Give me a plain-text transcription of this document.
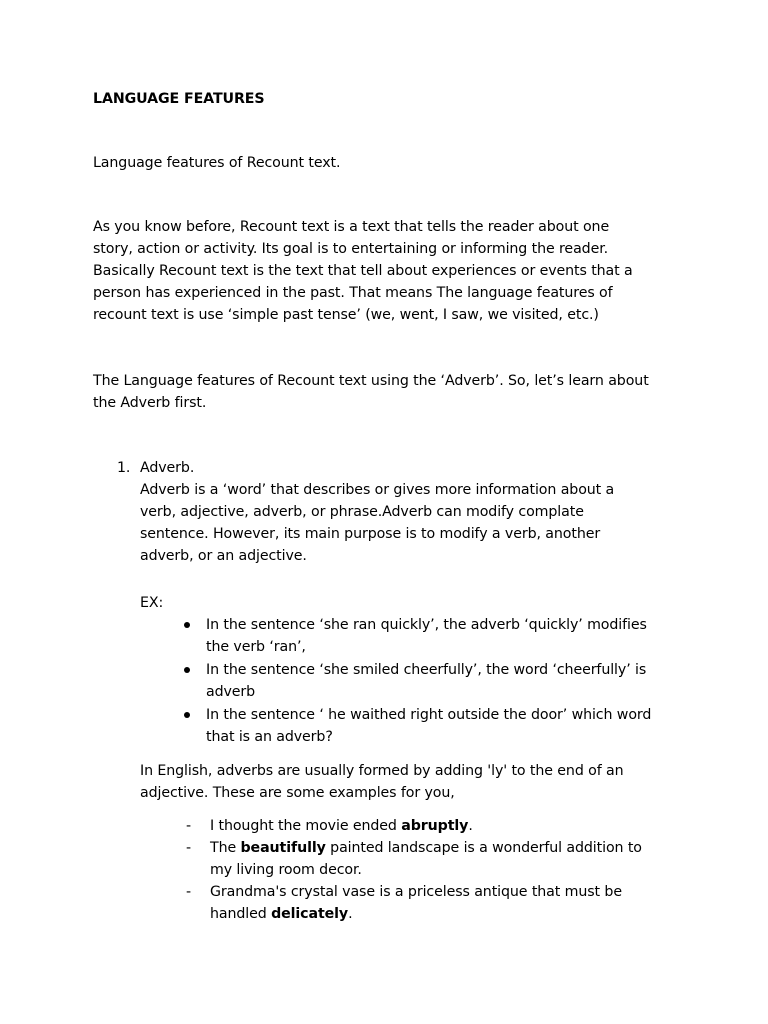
LANGUAGE FEATURES
Language features of Recount text.
As you know before, Recount text is a text that tells the reader about one
story, action or activity. Its goal is to entertaining or informing the reader.
Basically Recount text is the text that tell about experiences or events that a
person has experienced in the past. That means The language features of
recount text is use ‘simple past tense’ (we, went, I saw, we visited, etc.)
The Language features of Recount text using the ‘Adverb’. So, let’s learn about
the Adverb first.
1. Adverb.
Adverb is a ‘word’ that describes or gives more information about a
verb, adjective, adverb, or phrase.Adverb can modify complate
sentence. However, its main purpose is to modify a verb, another
adverb, or an adjective.
EX:
In the sentence ‘she ran quickly’, the adverb ‘quickly’ modifies
the verb ‘ran’,
In the sentence ‘she smiled cheerfully’, the word ‘cheerfully’ is
adverb
In the sentence ‘ he waithed right outside the door’ which word
that is an adverb?
In English, adverbs are usually formed by adding 'ly' to the end of an
adjective. These are some examples for you,
- I thought the movie ended abruptly.
- The beautifully painted landscape is a wonderful addition to
my living room decor.
- Grandma's crystal vase is a priceless antique that must be
handled delicately.
